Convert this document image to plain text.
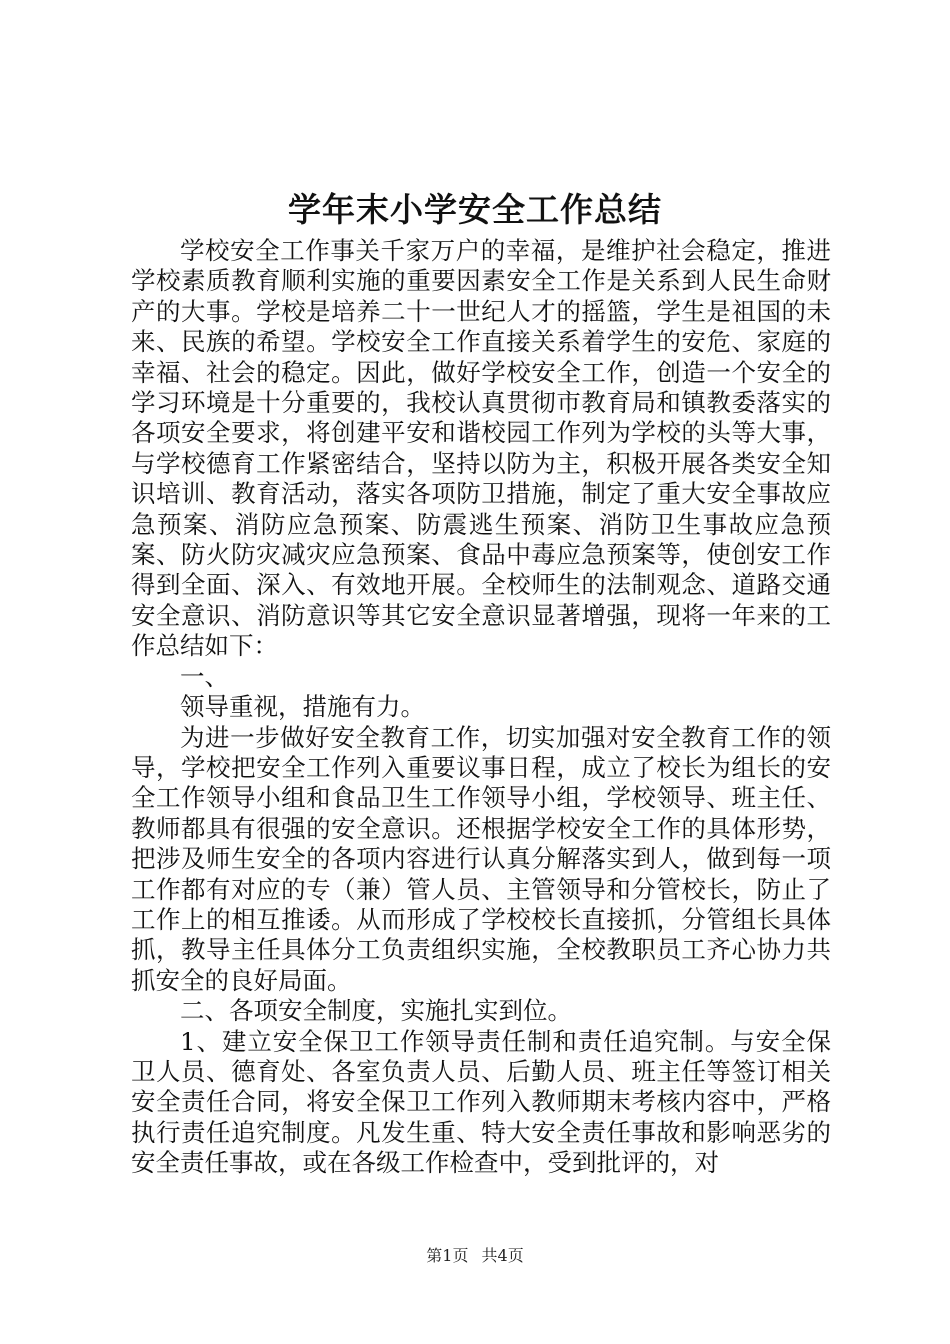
学年末小学安全工作总结

学校安全工作事关千家万户的幸福，是维护社会稳定，推进学校素质教育顺利实施的重要因素安全工作是关系到人民生命财产的大事。学校是培养二十一世纪人才的摇篮，学生是祖国的未来、民族的希望。学校安全工作直接关系着学生的安危、家庭的幸福、社会的稳定。因此，做好学校安全工作，创造一个安全的学习环境是十分重要的，我校认真贯彻市教育局和镇教委落实的各项安全要求，将创建平安和谐校园工作列为学校的头等大事，与学校德育工作紧密结合，坚持以防为主，积极开展各类安全知识培训、教育活动，落实各项防卫措施，制定了重大安全事故应急预案、消防应急预案、防震逃生预案、消防卫生事故应急预案、防火防灾减灾应急预案、食品中毒应急预案等，使创安工作得到全面、深入、有效地开展。全校师生的法制观念、道路交通安全意识、消防意识等其它安全意识显著增强，现将一年来的工作总结如下：

一、

领导重视，措施有力。

为进一步做好安全教育工作，切实加强对安全教育工作的领导，学校把安全工作列入重要议事日程，成立了校长为组长的安全工作领导小组和食品卫生工作领导小组，学校领导、班主任、教师都具有很强的安全意识。还根据学校安全工作的具体形势，把涉及师生安全的各项内容进行认真分解落实到人，做到每一项工作都有对应的专（兼）管人员、主管领导和分管校长，防止了工作上的相互推诿。从而形成了学校校长直接抓，分管组长具体抓，教导主任具体分工负责组织实施，全校教职员工齐心协力共抓安全的良好局面。

二、各项安全制度，实施扎实到位。

1、建立安全保卫工作领导责任制和责任追究制。与安全保卫人员、德育处、各室负责人员、后勤人员、班主任等签订相关安全责任合同，将安全保卫工作列入教师期末考核内容中，严格执行责任追究制度。凡发生重、特大安全责任事故和影响恶劣的安全责任事故，或在各级工作检查中，受到批评的，对

第1页 共4页
